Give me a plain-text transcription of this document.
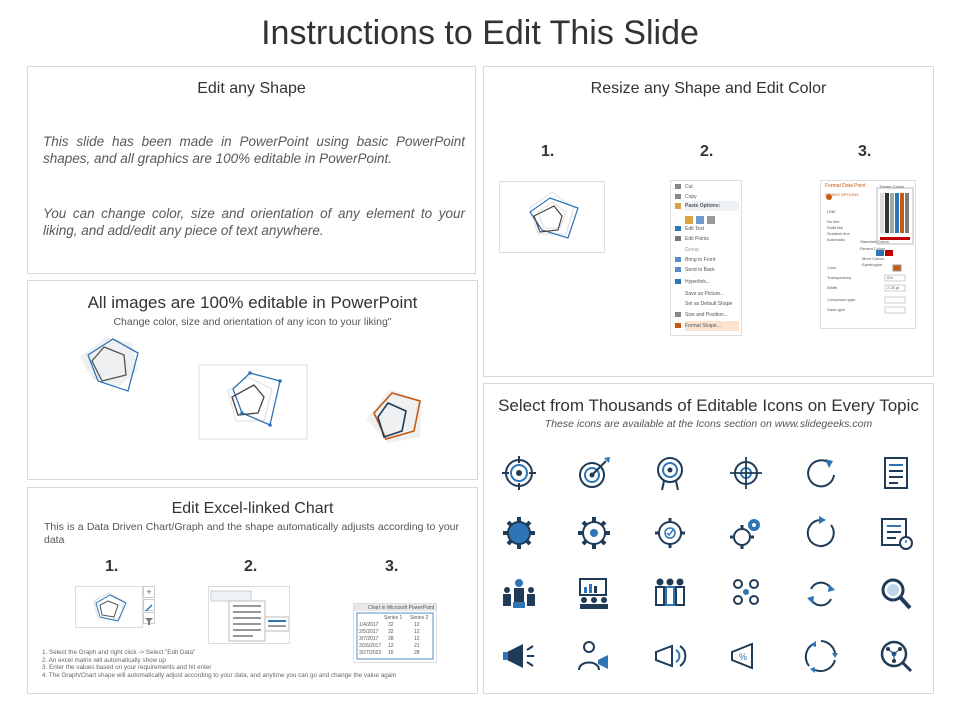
Instructions to Edit This Slide
Edit any Shape
This slide has been made in PowerPoint using basic PowerPoint shapes, and all graphics are 100% editable in PowerPoint.
You can change color, size and orientation of any element to your liking, and add/edit any piece of text anywhere.
Resize any Shape and Edit Color
1.	2.	3.
Cut
Copy
Paste Options:
Edit Text
Edit Points
Group
Bring to Front
Send to Back
Hyperlink...
Save as Picture...
Set as Default Shape
Size and Position...
Format Shape...
Format Data Point
SERIES OPTIONS
Theme Colors
Standard Colors
Recent Colors
More Colors...
Eyedropper
LINE
No line
Solid line
Gradient line
Automatic
Color
Transparency	0%
Width	2.25 pt
Compound type
Dash type
All images are 100% editable in PowerPoint
Change color, size and orientation of any icon to your liking"
Select from Thousands of Editable Icons on Every Topic
These icons are available at the Icons section on www.slidegeeks.com
%
Edit Excel-linked Chart
This is a Data Driven Chart/Graph and the shape automatically adjusts according to your data
1.	2.	3.
+
Chart in Microsoft PowerPoint
Series 1 Series 2
1/4/2017 32	12
2/5/2017 32	12
3/7/2017 28	12
3/26/2017 12	21
3/27/2022 15	28
1. Select the Graph and right click -> Select "Edit Data"
2. An excel matrix will automatically show up
3. Enter the values based on your requirements and hit enter
4. The Graph/Chart shape will automatically adjust according to your data, and anytime you can go and change the value again
